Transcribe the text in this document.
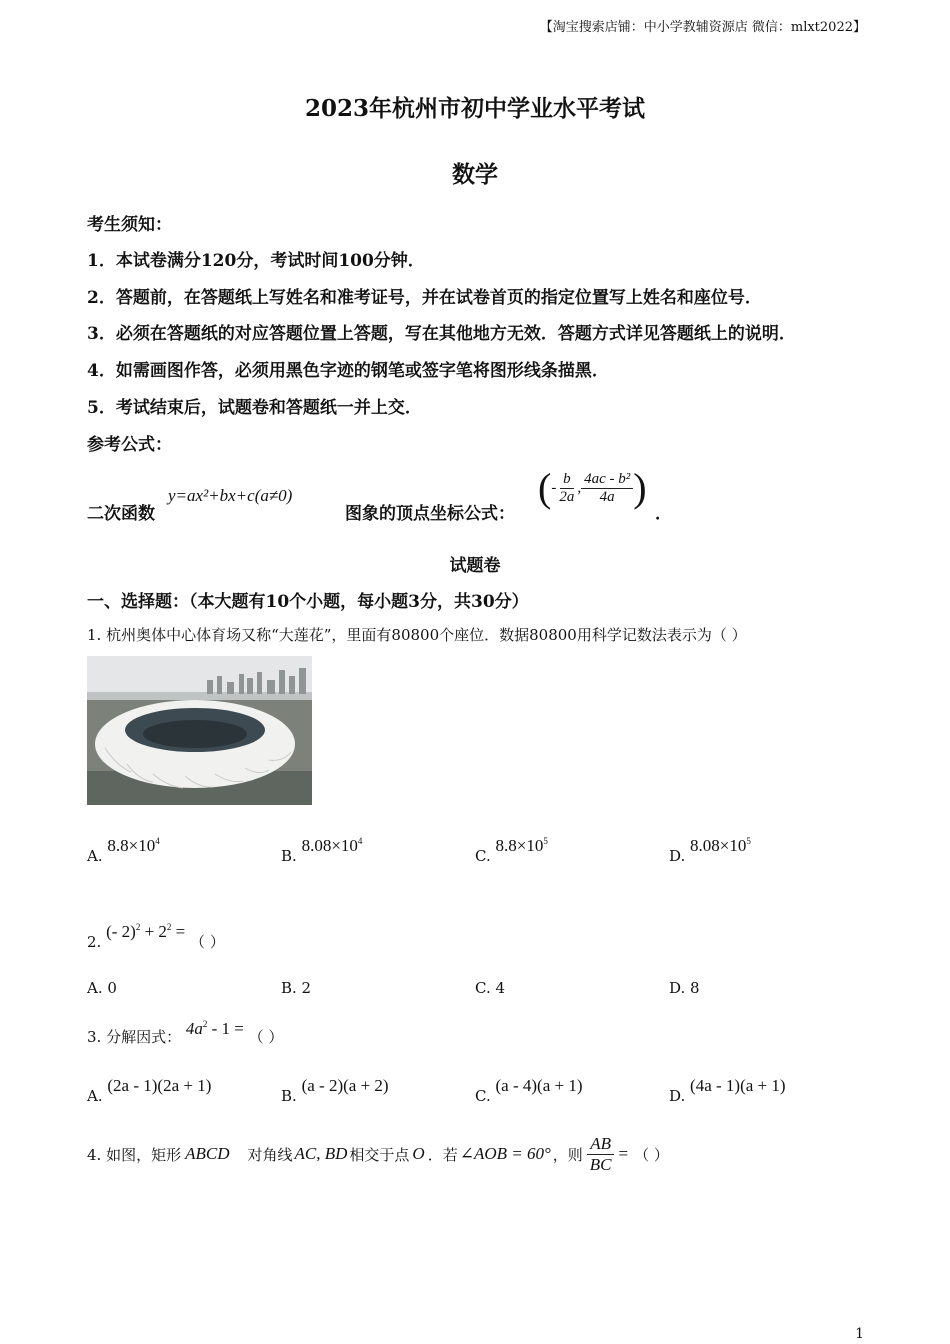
【淘宝搜索店铺：中小学教辅资源店 微信：mlxt2022】
2023年杭州市初中学业水平考试
数学
考生须知：
1．本试卷满分120分，考试时间100分钟．
2．答题前，在答题纸上写姓名和准考证号，并在试卷首页的指定位置写上姓名和座位号．
3．必须在答题纸的对应答题位置上答题，写在其他地方无效．答题方式详见答题纸上的说明．
4．如需画图作答，必须用黑色字迹的钢笔或签字笔将图形线条描黑．
5．考试结束后，试题卷和答题纸一并上交．
参考公式：
二次函数
y=ax²+bx+c(a≠0)
图象的顶点坐标公式：
( - $\frac{b}{2a}$ , $\frac{\text{4ac - b²}}{4a}$ )
．
试题卷
一、选择题：（本大题有10个小题，每小题3分，共30分）
1. 杭州奥体中心体育场又称“大莲花”，里面有80800个座位．数据80800用科学记数法表示为（ ）
A. $8.8\times 10^4$
B. $8.08\times 10^4$
C. $8.8\times 10^5$
D. $8.08\times 10^5$
2. (- $2)^2 + 2^2$ = （ ）
A. 0	B. 2	C. 4	D. 8
3. 分解因式： $4a^2 - 1$ = （ ）
A. (2a - 1)(2a + 1)
B. (a - 2)(a + 2)
C. (a - 4)(a + 1)
D. (4a - 1)(a + 1)
4. 如图，矩形 ABCD 对角线 AC, BD 相交于点 O ．若 ∠AOB = 60° ，则 $\frac{AB}{BC}$ = （ ）
1
